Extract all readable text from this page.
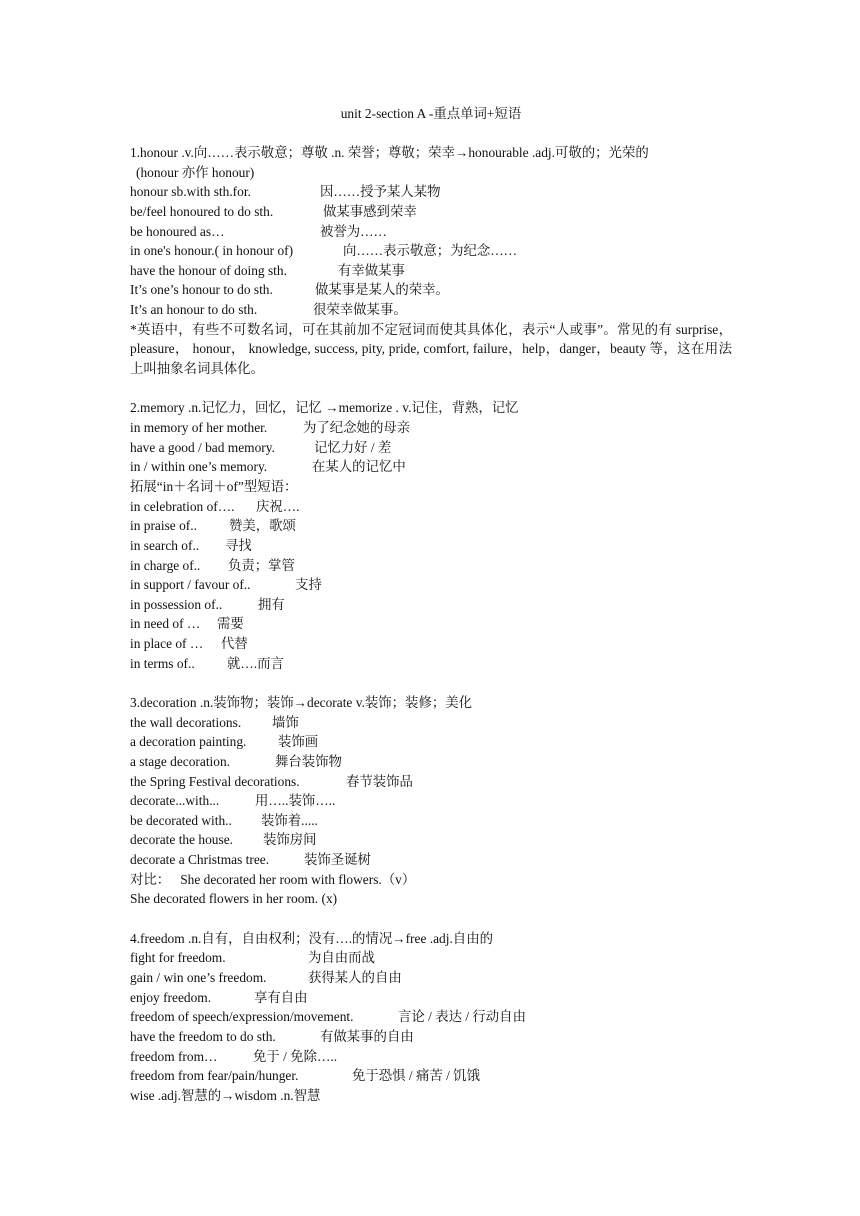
unit 2-section A -重点单词+短语
1.honour .v.向……表示敬意；尊敬 .n. 荣誉；尊敬；荣幸→honourable .adj.可敬的；光荣的
(honour 亦作 honour)
honour sb.with sth.for.	因……授予某人某物
be/feel honoured to do sth.	做某事感到荣幸
be honoured as…	被誉为……
in one's honour.( in honour of)	向……表示敬意；为纪念……
have the honour of doing sth.	有幸做某事
It’s one’s honour to do sth.	做某事是某人的荣幸。
It’s an honour to do sth.	很荣幸做某事。
*英语中，有些不可数名词，可在其前加不定冠词而使其具体化，表示“人或事”。常见的有 surprise， pleasure， honour， knowledge, success, pity, pride, comfort, failure，help，danger，beauty 等，这在用法上叫抽象名词具体化。
2.memory .n.记忆力，回忆，记忆 →memorize . v.记住，背熟，记忆
in memory of her mother.	为了纪念她的母亲
have a good / bad memory.	记忆力好 / 差
in / within one’s memory.	在某人的记忆中
拓展“in＋名词＋of”型短语：
in celebration of…. 庆祝….
in praise of.. 赞美，歌颂
in search of.. 寻找
in charge of.. 负责；掌管
in support / favour of..	支持
in possession of..	拥有
in need of … 需要
in place of … 代替
in terms of.. 就….而言
3.decoration .n.装饰物；装饰→decorate v.装饰；装修；美化
the wall decorations. 墙饰
a decoration painting. 装饰画
a stage decoration.	舞台装饰物
the Spring Festival decorations.	春节装饰品
decorate...with...	用…..装饰…..
be decorated with.. 装饰着.....
decorate the house. 装饰房间
decorate a Christmas tree.	装饰圣诞树
对比： She decorated her room with flowers.（v）
She decorated flowers in her room. (x)
4.freedom .n.自有，自由权利；没有….的情况→free .adj.自由的
fight for freedom.	为自由而战
gain / win one’s freedom.	获得某人的自由
enjoy freedom.	享有自由
freedom of speech/expression/movement.	言论 / 表达 / 行动自由
have the freedom to do sth.	有做某事的自由
freedom from…	免于 / 免除…..
freedom from fear/pain/hunger.	免于恐惧 / 痛苦 / 饥饿
wise .adj.智慧的→wisdom .n.智慧
